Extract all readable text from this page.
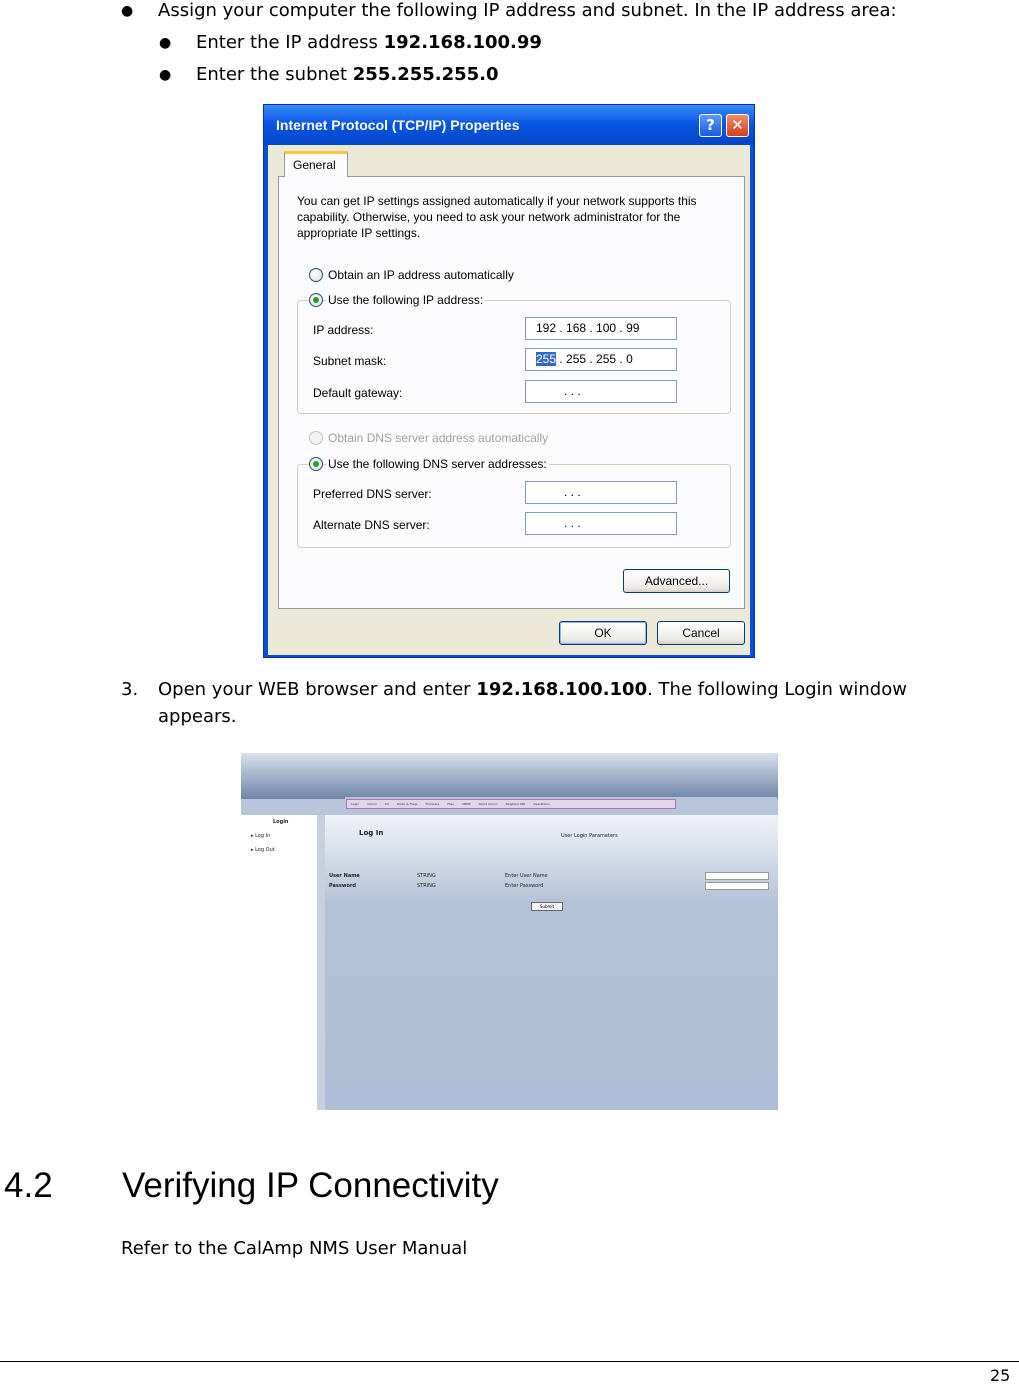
● Assign your computer the following IP address and subnet. In the IP address area:
● Enter the IP address 192.168.100.99
● Enter the subnet 255.255.255.0
Internet Protocol (TCP/IP) Properties	?	✕
You can get IP settings assigned automatically if your network supports this capability. Otherwise, you need to ask your network administrator for the appropriate IP settings.
Obtain an IP address automatically
Use the following IP address:
IP address:	192 . 168 . 100 . 99
Subnet mask:	255 . 255 . 255 . 0
Default gateway:	. . .
Obtain DNS server address automatically
Use the following DNS server addresses:
Preferred DNS server:	. . .
Alternate DNS server:	. . .
Advanced...
General
OK	Cancel
3. Open your WEB browser and enter 192.168.100.100. The following Login window
appears.
Login	Admin	OS	Radio & Freqs	Firmware	Files	SNMP	World Admin	Neighbor NPI	Operations
Login
▸ Log In
▸ Log Out
Log In	User Login Parameters
User Name	STRING	Enter User Name
Password	STRING	Enter Password
Submit
4.2 Verifying IP Connectivity
Refer to the CalAmp NMS User Manual
25
